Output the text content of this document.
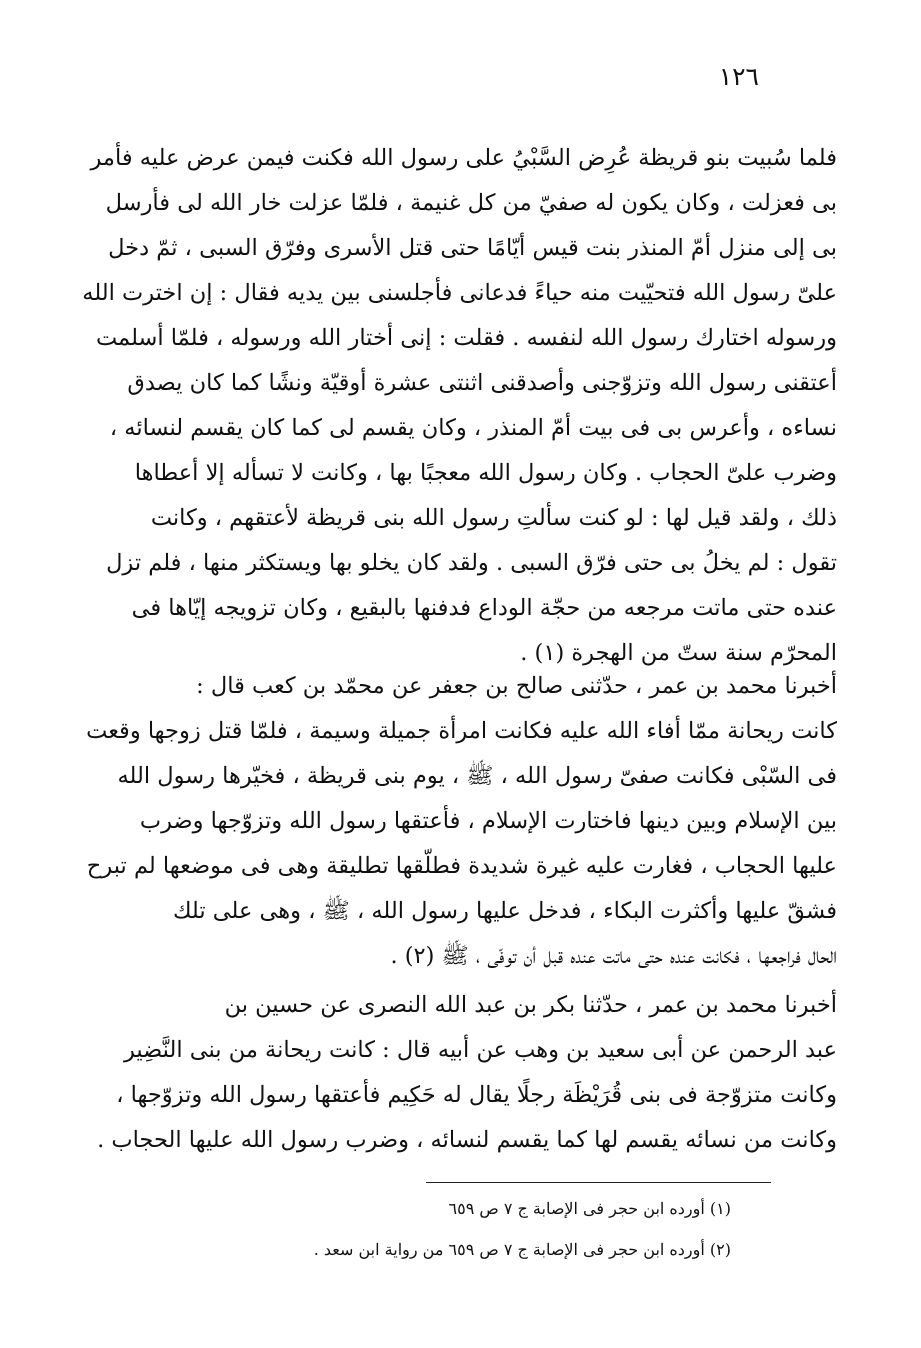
١٢٦
فلما سُبيت بنو قريظة عُرِض السَّبْيُ على رسول الله فكنت فيمن عرض عليه فأمر
بى فعزلت ، وكان يكون له صفيّ من كل غنيمة ، فلمّا عزلت خار الله لى فأرسل
بى إلى منزل أمّ المنذر بنت قيس أيّامًا حتى قتل الأسرى وفرّق السبى ، ثمّ دخل
علىّ رسول الله فتحيّيت منه حياءً فدعانى فأجلسنى بين يديه فقال : إن اخترت الله
ورسوله اختارك رسول الله لنفسه . فقلت : إنى أختار الله ورسوله ، فلمّا أسلمت
أعتقنى رسول الله وتزوّجنى وأصدقنى اثنتى عشرة أوقيّة ونشًا كما كان يصدق
نساءه ، وأعرس بى فى بيت أمّ المنذر ، وكان يقسم لى كما كان يقسم لنسائه ،
وضرب علىّ الحجاب . وكان رسول الله معجبًا بها ، وكانت لا تسأله إلا أعطاها
ذلك ، ولقد قيل لها : لو كنت سألتِ رسول الله بنى قريظة لأعتقهم ، وكانت
تقول : لم يخلُ بى حتى فرّق السبى . ولقد كان يخلو بها ويستكثر منها ، فلم تزل
عنده حتى ماتت مرجعه من حجّة الوداع فدفنها بالبقيع ، وكان تزويجه إيّاها فى
المحرّم سنة ستّ من الهجرة (١) .
أخبرنا محمد بن عمر ، حدّثنى صالح بن جعفر عن محمّد بن كعب قال :
كانت ريحانة ممّا أفاء الله عليه فكانت امرأة جميلة وسيمة ، فلمّا قتل زوجها وقعت
فى السّبْى فكانت صفىّ رسول الله ، ﷺ ، يوم بنى قريظة ، فخيّرها رسول الله
بين الإسلام وبين دينها فاختارت الإسلام ، فأعتقها رسول الله وتزوّجها وضرب
عليها الحجاب ، فغارت عليه غيرة شديدة فطلّقها تطليقة وهى فى موضعها لم تبرح
فشقّ عليها وأكثرت البكاء ، فدخل عليها رسول الله ، ﷺ ، وهى على تلك
الحال فراجعها ، فكانت عنده حتى ماتت عنده قبل أن توفّى ، ﷺ (٢) .
أخبرنا محمد بن عمر ، حدّثنا بكر بن عبد الله النصرى عن حسين بن
عبد الرحمن عن أبى سعيد بن وهب عن أبيه قال : كانت ريحانة من بنى النَّضِير
وكانت متزوّجة فى بنى قُرَيْظَة رجلًا يقال له حَكِيم فأعتقها رسول الله وتزوّجها ،
وكانت من نسائه يقسم لها كما يقسم لنسائه ، وضرب رسول الله عليها الحجاب .
(١) أورده ابن حجر فى الإصابة ج ٧ ص ٦٥٩
(٢) أورده ابن حجر فى الإصابة ج ٧ ص ٦٥٩ من رواية ابن سعد .
